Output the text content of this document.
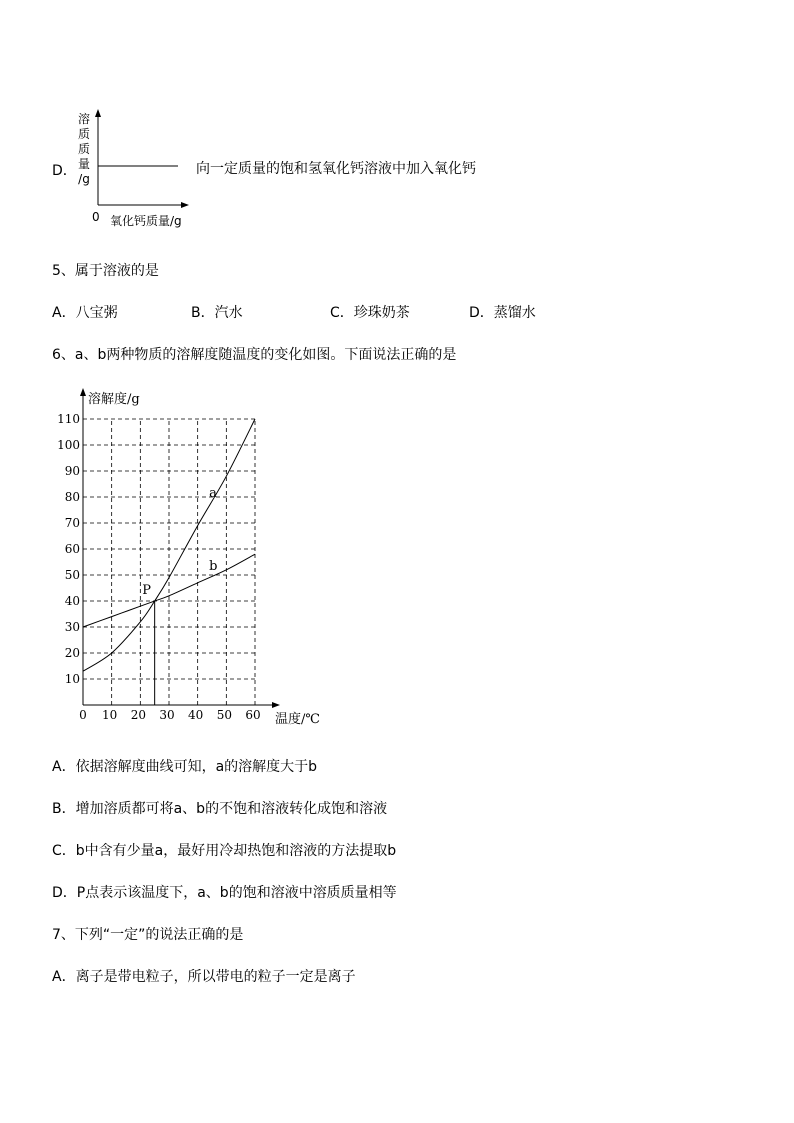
D．
溶
质
质
量
/g
0 氧化钙质量/g
向一定质量的饱和氢氧化钙溶液中加入氧化钙
5、属于溶液的是
A．八宝粥	B．汽水	C．珍珠奶茶	D．蒸馏水
6、a、b两种物质的溶解度随温度的变化如图。下面说法正确的是
10
20
30
40
50
60
70
80
90
100
110
0 10 20 30 40 50 60
溶解度/g
温度/℃
a
b
P
A．依据溶解度曲线可知，a的溶解度大于b
B．增加溶质都可将a、b的不饱和溶液转化成饱和溶液
C．b中含有少量a，最好用冷却热饱和溶液的方法提取b
D．P点表示该温度下，a、b的饱和溶液中溶质质量相等
7、下列“一定”的说法正确的是
A．离子是带电粒子，所以带电的粒子一定是离子
